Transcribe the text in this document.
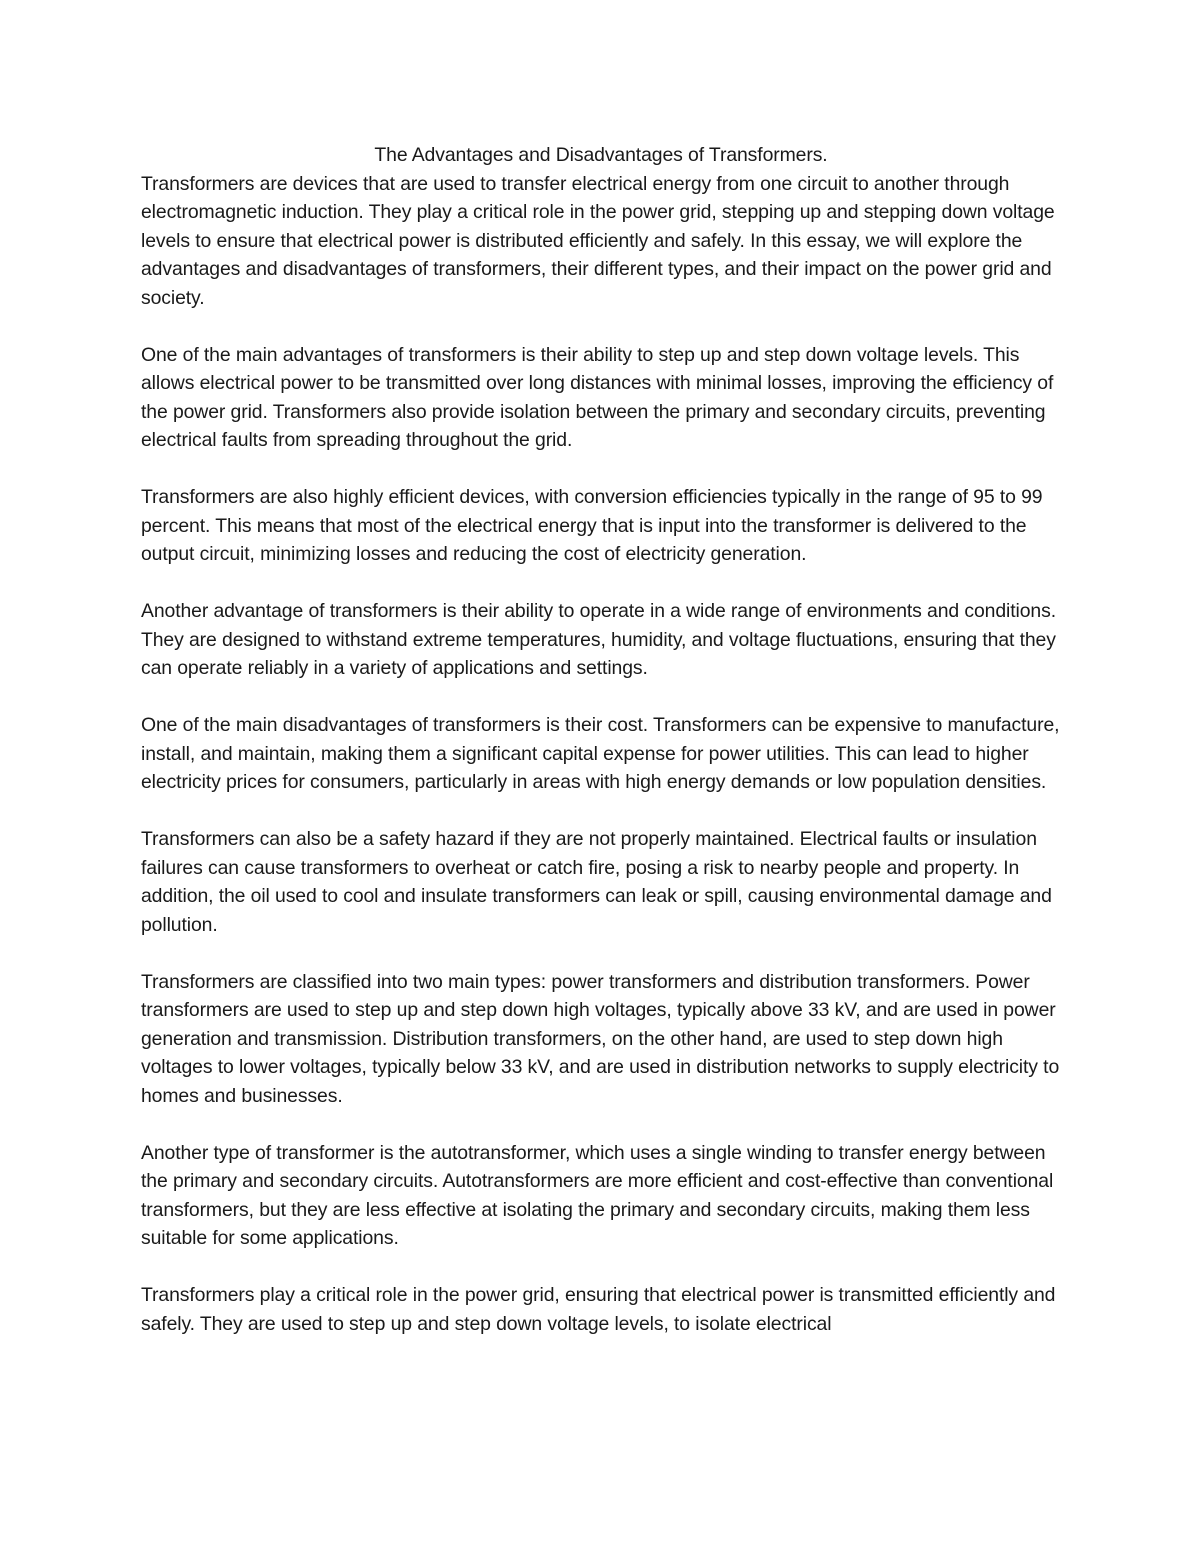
The Advantages and Disadvantages of Transformers.

Transformers are devices that are used to transfer electrical energy from one circuit to another through electromagnetic induction. They play a critical role in the power grid, stepping up and stepping down voltage levels to ensure that electrical power is distributed efficiently and safely. In this essay, we will explore the advantages and disadvantages of transformers, their different types, and their impact on the power grid and society.

One of the main advantages of transformers is their ability to step up and step down voltage levels. This allows electrical power to be transmitted over long distances with minimal losses, improving the efficiency of the power grid. Transformers also provide isolation between the primary and secondary circuits, preventing electrical faults from spreading throughout the grid.

Transformers are also highly efficient devices, with conversion efficiencies typically in the range of 95 to 99 percent. This means that most of the electrical energy that is input into the transformer is delivered to the output circuit, minimizing losses and reducing the cost of electricity generation.

Another advantage of transformers is their ability to operate in a wide range of environments and conditions. They are designed to withstand extreme temperatures, humidity, and voltage fluctuations, ensuring that they can operate reliably in a variety of applications and settings.

One of the main disadvantages of transformers is their cost. Transformers can be expensive to manufacture, install, and maintain, making them a significant capital expense for power utilities. This can lead to higher electricity prices for consumers, particularly in areas with high energy demands or low population densities.

Transformers can also be a safety hazard if they are not properly maintained. Electrical faults or insulation failures can cause transformers to overheat or catch fire, posing a risk to nearby people and property. In addition, the oil used to cool and insulate transformers can leak or spill, causing environmental damage and pollution.

Transformers are classified into two main types: power transformers and distribution transformers. Power transformers are used to step up and step down high voltages, typically above 33 kV, and are used in power generation and transmission. Distribution transformers, on the other hand, are used to step down high voltages to lower voltages, typically below 33 kV, and are used in distribution networks to supply electricity to homes and businesses.

Another type of transformer is the autotransformer, which uses a single winding to transfer energy between the primary and secondary circuits. Autotransformers are more efficient and cost-effective than conventional transformers, but they are less effective at isolating the primary and secondary circuits, making them less suitable for some applications.

Transformers play a critical role in the power grid, ensuring that electrical power is transmitted efficiently and safely. They are used to step up and step down voltage levels, to isolate electrical
